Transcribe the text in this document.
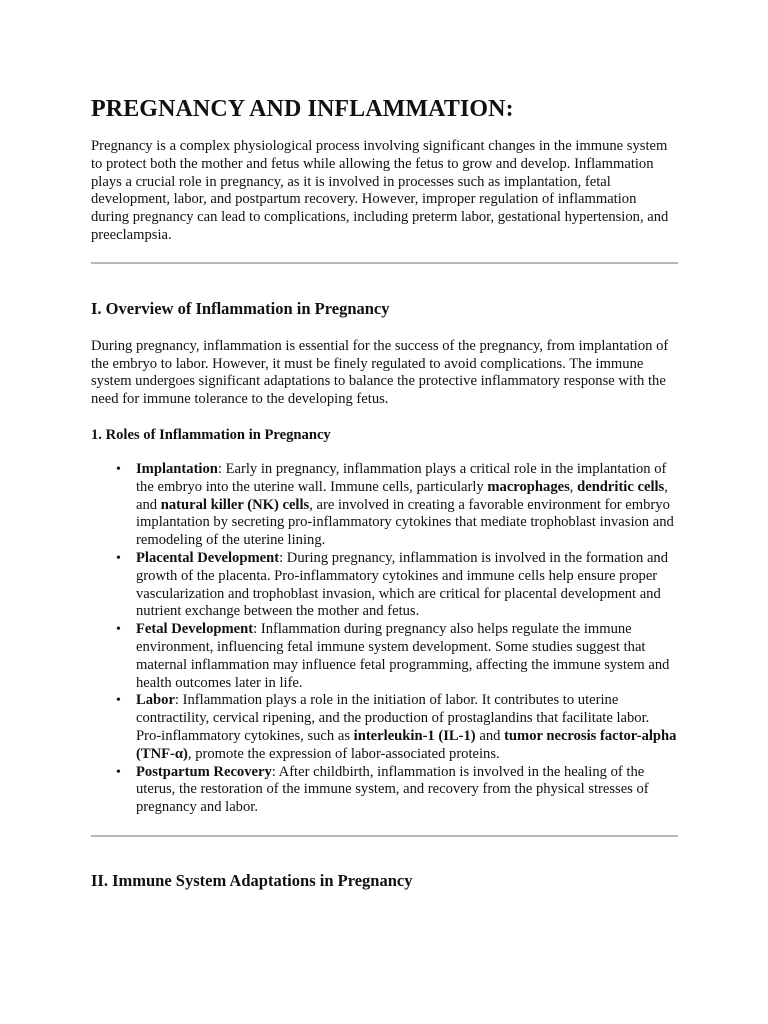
PREGNANCY AND INFLAMMATION:

Pregnancy is a complex physiological process involving significant changes in the immune system to protect both the mother and fetus while allowing the fetus to grow and develop. Inflammation plays a crucial role in pregnancy, as it is involved in processes such as implantation, fetal development, labor, and postpartum recovery. However, improper regulation of inflammation during pregnancy can lead to complications, including preterm labor, gestational hypertension, and preeclampsia.

I. Overview of Inflammation in Pregnancy

During pregnancy, inflammation is essential for the success of the pregnancy, from implantation of the embryo to labor. However, it must be finely regulated to avoid complications. The immune system undergoes significant adaptations to balance the protective inflammatory response with the need for immune tolerance to the developing fetus.

1. Roles of Inflammation in Pregnancy
• Implantation: Early in pregnancy, inflammation plays a critical role in the implantation of the embryo into the uterine wall. Immune cells, particularly macrophages, dendritic cells, and natural killer (NK) cells, are involved in creating a favorable environment for embryo implantation by secreting pro-inflammatory cytokines that mediate trophoblast invasion and remodeling of the uterine lining.
• Placental Development: During pregnancy, inflammation is involved in the formation and growth of the placenta. Pro-inflammatory cytokines and immune cells help ensure proper vascularization and trophoblast invasion, which are critical for placental development and nutrient exchange between the mother and fetus.
• Fetal Development: Inflammation during pregnancy also helps regulate the immune environment, influencing fetal immune system development. Some studies suggest that maternal inflammation may influence fetal programming, affecting the immune system and health outcomes later in life.
• Labor: Inflammation plays a role in the initiation of labor. It contributes to uterine contractility, cervical ripening, and the production of prostaglandins that facilitate labor. Pro-inflammatory cytokines, such as interleukin-1 (IL-1) and tumor necrosis factor-alpha (TNF-α), promote the expression of labor-associated proteins.
• Postpartum Recovery: After childbirth, inflammation is involved in the healing of the uterus, the restoration of the immune system, and recovery from the physical stresses of pregnancy and labor.
II. Immune System Adaptations in Pregnancy
